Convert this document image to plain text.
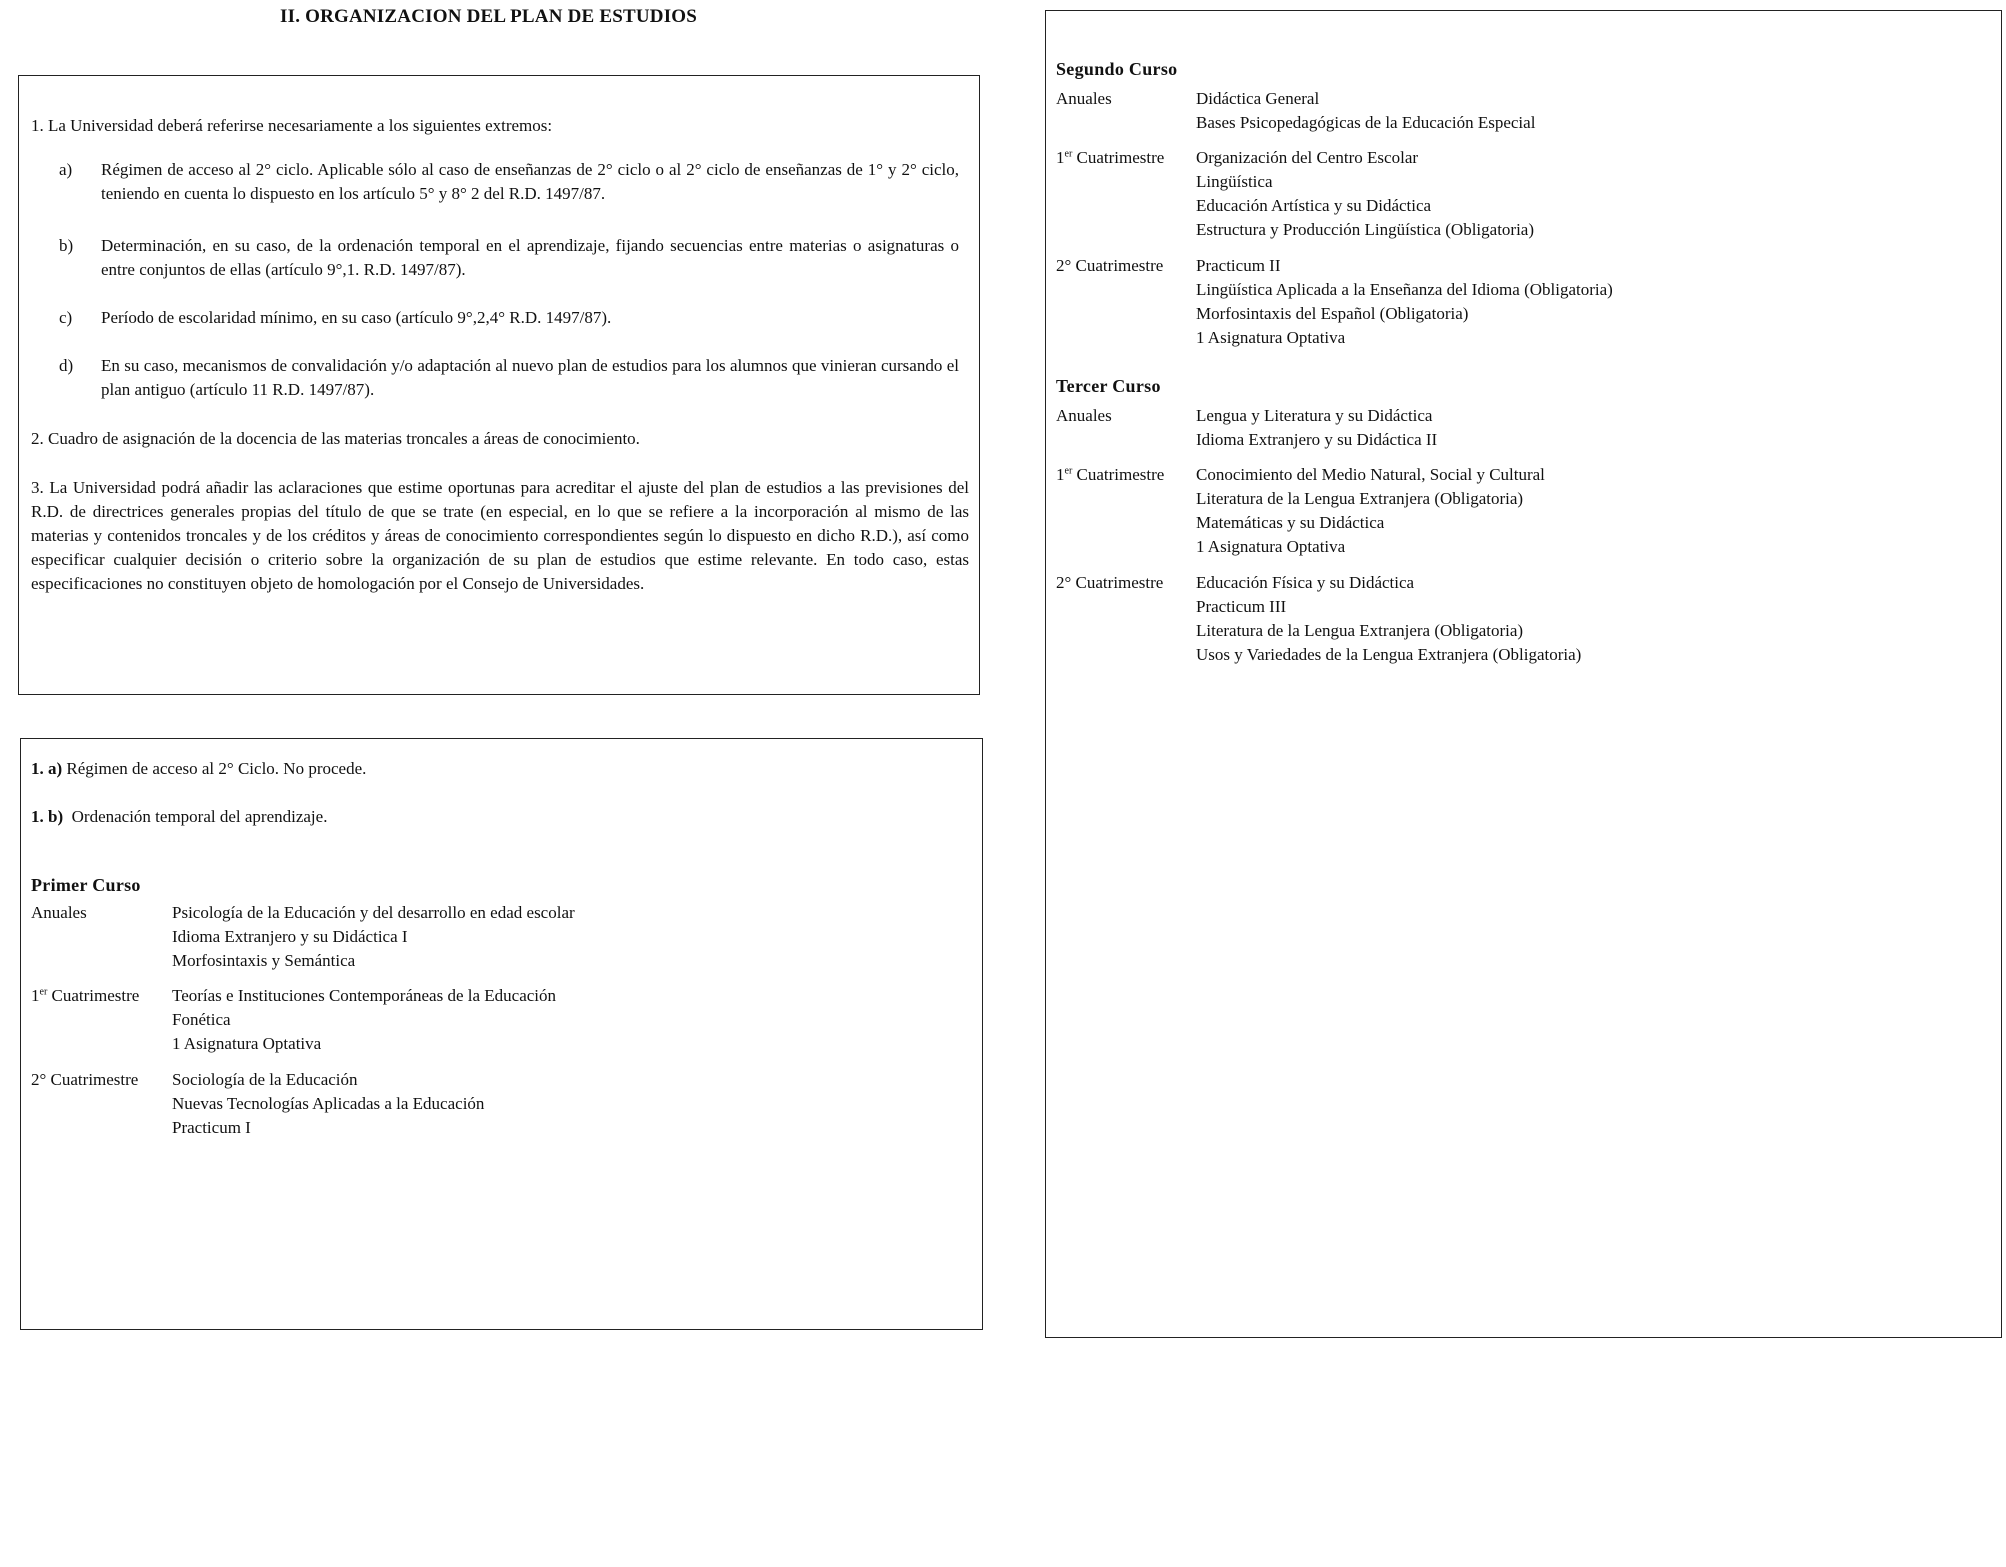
II. ORGANIZACION DEL PLAN DE ESTUDIOS
1. La Universidad deberá referirse necesariamente a los siguientes extremos:
a)	Régimen de acceso al 2° ciclo. Aplicable sólo al caso de enseñanzas de 2° ciclo o al 2° ciclo de enseñanzas de 1° y 2° ciclo, teniendo en cuenta lo dispuesto en los artículo 5° y 8° 2 del R.D. 1497/87.
b)	Determinación, en su caso, de la ordenación temporal en el aprendizaje, fijando secuencias entre materias o asignaturas o entre conjuntos de ellas (artículo 9°,1. R.D. 1497/87).
c)	Período de escolaridad mínimo, en su caso (artículo 9°,2,4° R.D. 1497/87).
d)	En su caso, mecanismos de convalidación y/o adaptación al nuevo plan de estudios para los alumnos que vinieran cursando el plan antiguo (artículo 11 R.D. 1497/87).
2. Cuadro de asignación de la docencia de las materias troncales a áreas de conocimiento.
3. La Universidad podrá añadir las aclaraciones que estime oportunas para acreditar el ajuste del plan de estudios a las previsiones del R.D. de directrices generales propias del título de que se trate (en especial, en lo que se refiere a la incorporación al mismo de las materias y contenidos troncales y de los créditos y áreas de conocimiento correspondientes según lo dispuesto en dicho R.D.), así como especificar cualquier decisión o criterio sobre la organización de su plan de estudios que estime relevante. En todo caso, estas especificaciones no constituyen objeto de homologación por el Consejo de Universidades.
1. a) Régimen de acceso al 2° Ciclo. No procede.
1. b)  Ordenación temporal del aprendizaje.
Primer Curso
Anuales	Psicología de la Educación y del desarrollo en edad escolar
Idioma Extranjero y su Didáctica I
Morfosintaxis y Semántica
1er Cuatrimestre	Teorías e Instituciones Contemporáneas de la Educación
Fonética
1 Asignatura Optativa
2° Cuatrimestre	Sociología de la Educación
Nuevas Tecnologías Aplicadas a la Educación
Practicum I
Segundo Curso
Anuales	Didáctica General
Bases Psicopedagógicas de la Educación Especial
1er Cuatrimestre	Organización del Centro Escolar
Lingüística
Educación Artística y su Didáctica
Estructura y Producción Lingüística (Obligatoria)
2° Cuatrimestre	Practicum II
Lingüística Aplicada a la Enseñanza del Idioma (Obligatoria)
Morfosintaxis del Español (Obligatoria)
1 Asignatura Optativa
Tercer Curso
Anuales	Lengua y Literatura y su Didáctica
Idioma Extranjero y su Didáctica II
1er Cuatrimestre	Conocimiento del Medio Natural, Social y Cultural
Literatura de la Lengua Extranjera (Obligatoria)
Matemáticas y su Didáctica
1 Asignatura Optativa
2° Cuatrimestre	Educación Física y su Didáctica
Practicum III
Literatura de la Lengua Extranjera (Obligatoria)
Usos y Variedades de la Lengua Extranjera (Obligatoria)
